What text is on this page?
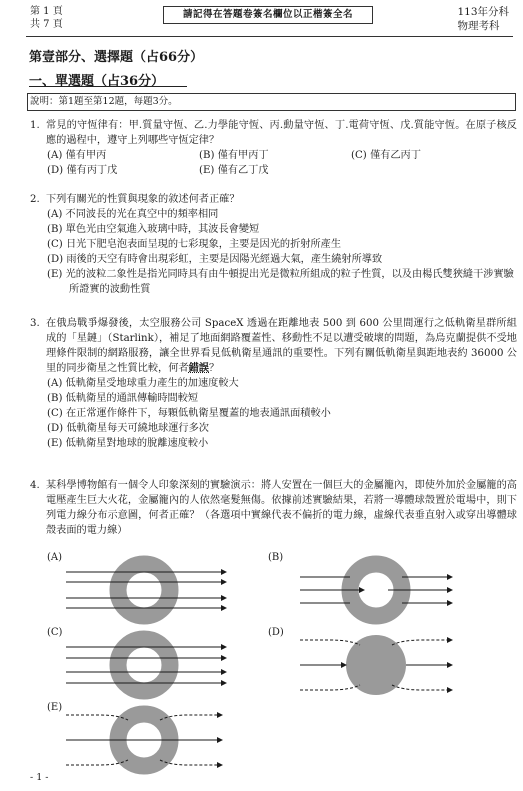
第 1 頁
共 7 頁
請記得在答題卷簽名欄位以正楷簽全名	113年分科
物理考科
第壹部分、選擇題（占66分）
一、單選題（占36分）
說明：第1題至第12題，每題3分。
1. 常見的守恆律有：甲.質量守恆、乙.力學能守恆、丙.動量守恆、丁.電荷守恆、戊.質能守恆。在原子核反應的過程中，遵守上列哪些守恆定律？
(A) 僅有甲丙	(B) 僅有甲丙丁	(C) 僅有乙丙丁
(D) 僅有丙丁戊	(E) 僅有乙丁戊
2. 下列有關光的性質與現象的敘述何者正確？
(A) 不同波長的光在真空中的頻率相同
(B) 單色光由空氣進入玻璃中時，其波長會變短
(C) 日光下肥皂泡表面呈現的七彩現象，主要是因光的折射所產生
(D) 雨後的天空有時會出現彩虹，主要是因陽光經過大氣，產生繞射所導致
(E) 光的波粒二象性是指光同時具有由牛頓提出光是微粒所組成的粒子性質，以及由楊氏雙狹縫干涉實驗所證實的波動性質
3. 在俄烏戰爭爆發後，太空服務公司 SpaceX 透過在距離地表 500 到 600 公里間運行之低軌衛星群所組成的「星鏈」（Starlink），補足了地面網路覆蓋性、移動性不足以遭受破壞的問題，為烏克蘭提供不受地理條件限制的網路服務，讓全世界看見低軌衛星通訊的重要性。下列有關低軌衛星與距地表約 36000 公里的同步衛星之性質比較，何者錯誤？
(A) 低軌衛星受地球重力產生的加速度較大
(B) 低軌衛星的通訊傳輸時間較短
(C) 在正常運作條件下，每顆低軌衛星覆蓋的地表通訊面積較小
(D) 低軌衛星每天可繞地球運行多次
(E) 低軌衛星對地球的脫離速度較小
4. 某科學博物館有一個令人印象深刻的實驗演示：將人安置在一個巨大的金屬籠內，即使外加於金屬籠的高電壓產生巨大火花，金屬籠內的人依然毫髮無傷。依據前述實驗結果，若將一導體球殼置於電場中，則下列電力線分布示意圖，何者正確？（各選項中實線代表不偏折的電力線，虛線代表垂直射入或穿出導體球殼表面的電力線）
(A)	(B)
(C)	(D)
(E)
- 1 -
